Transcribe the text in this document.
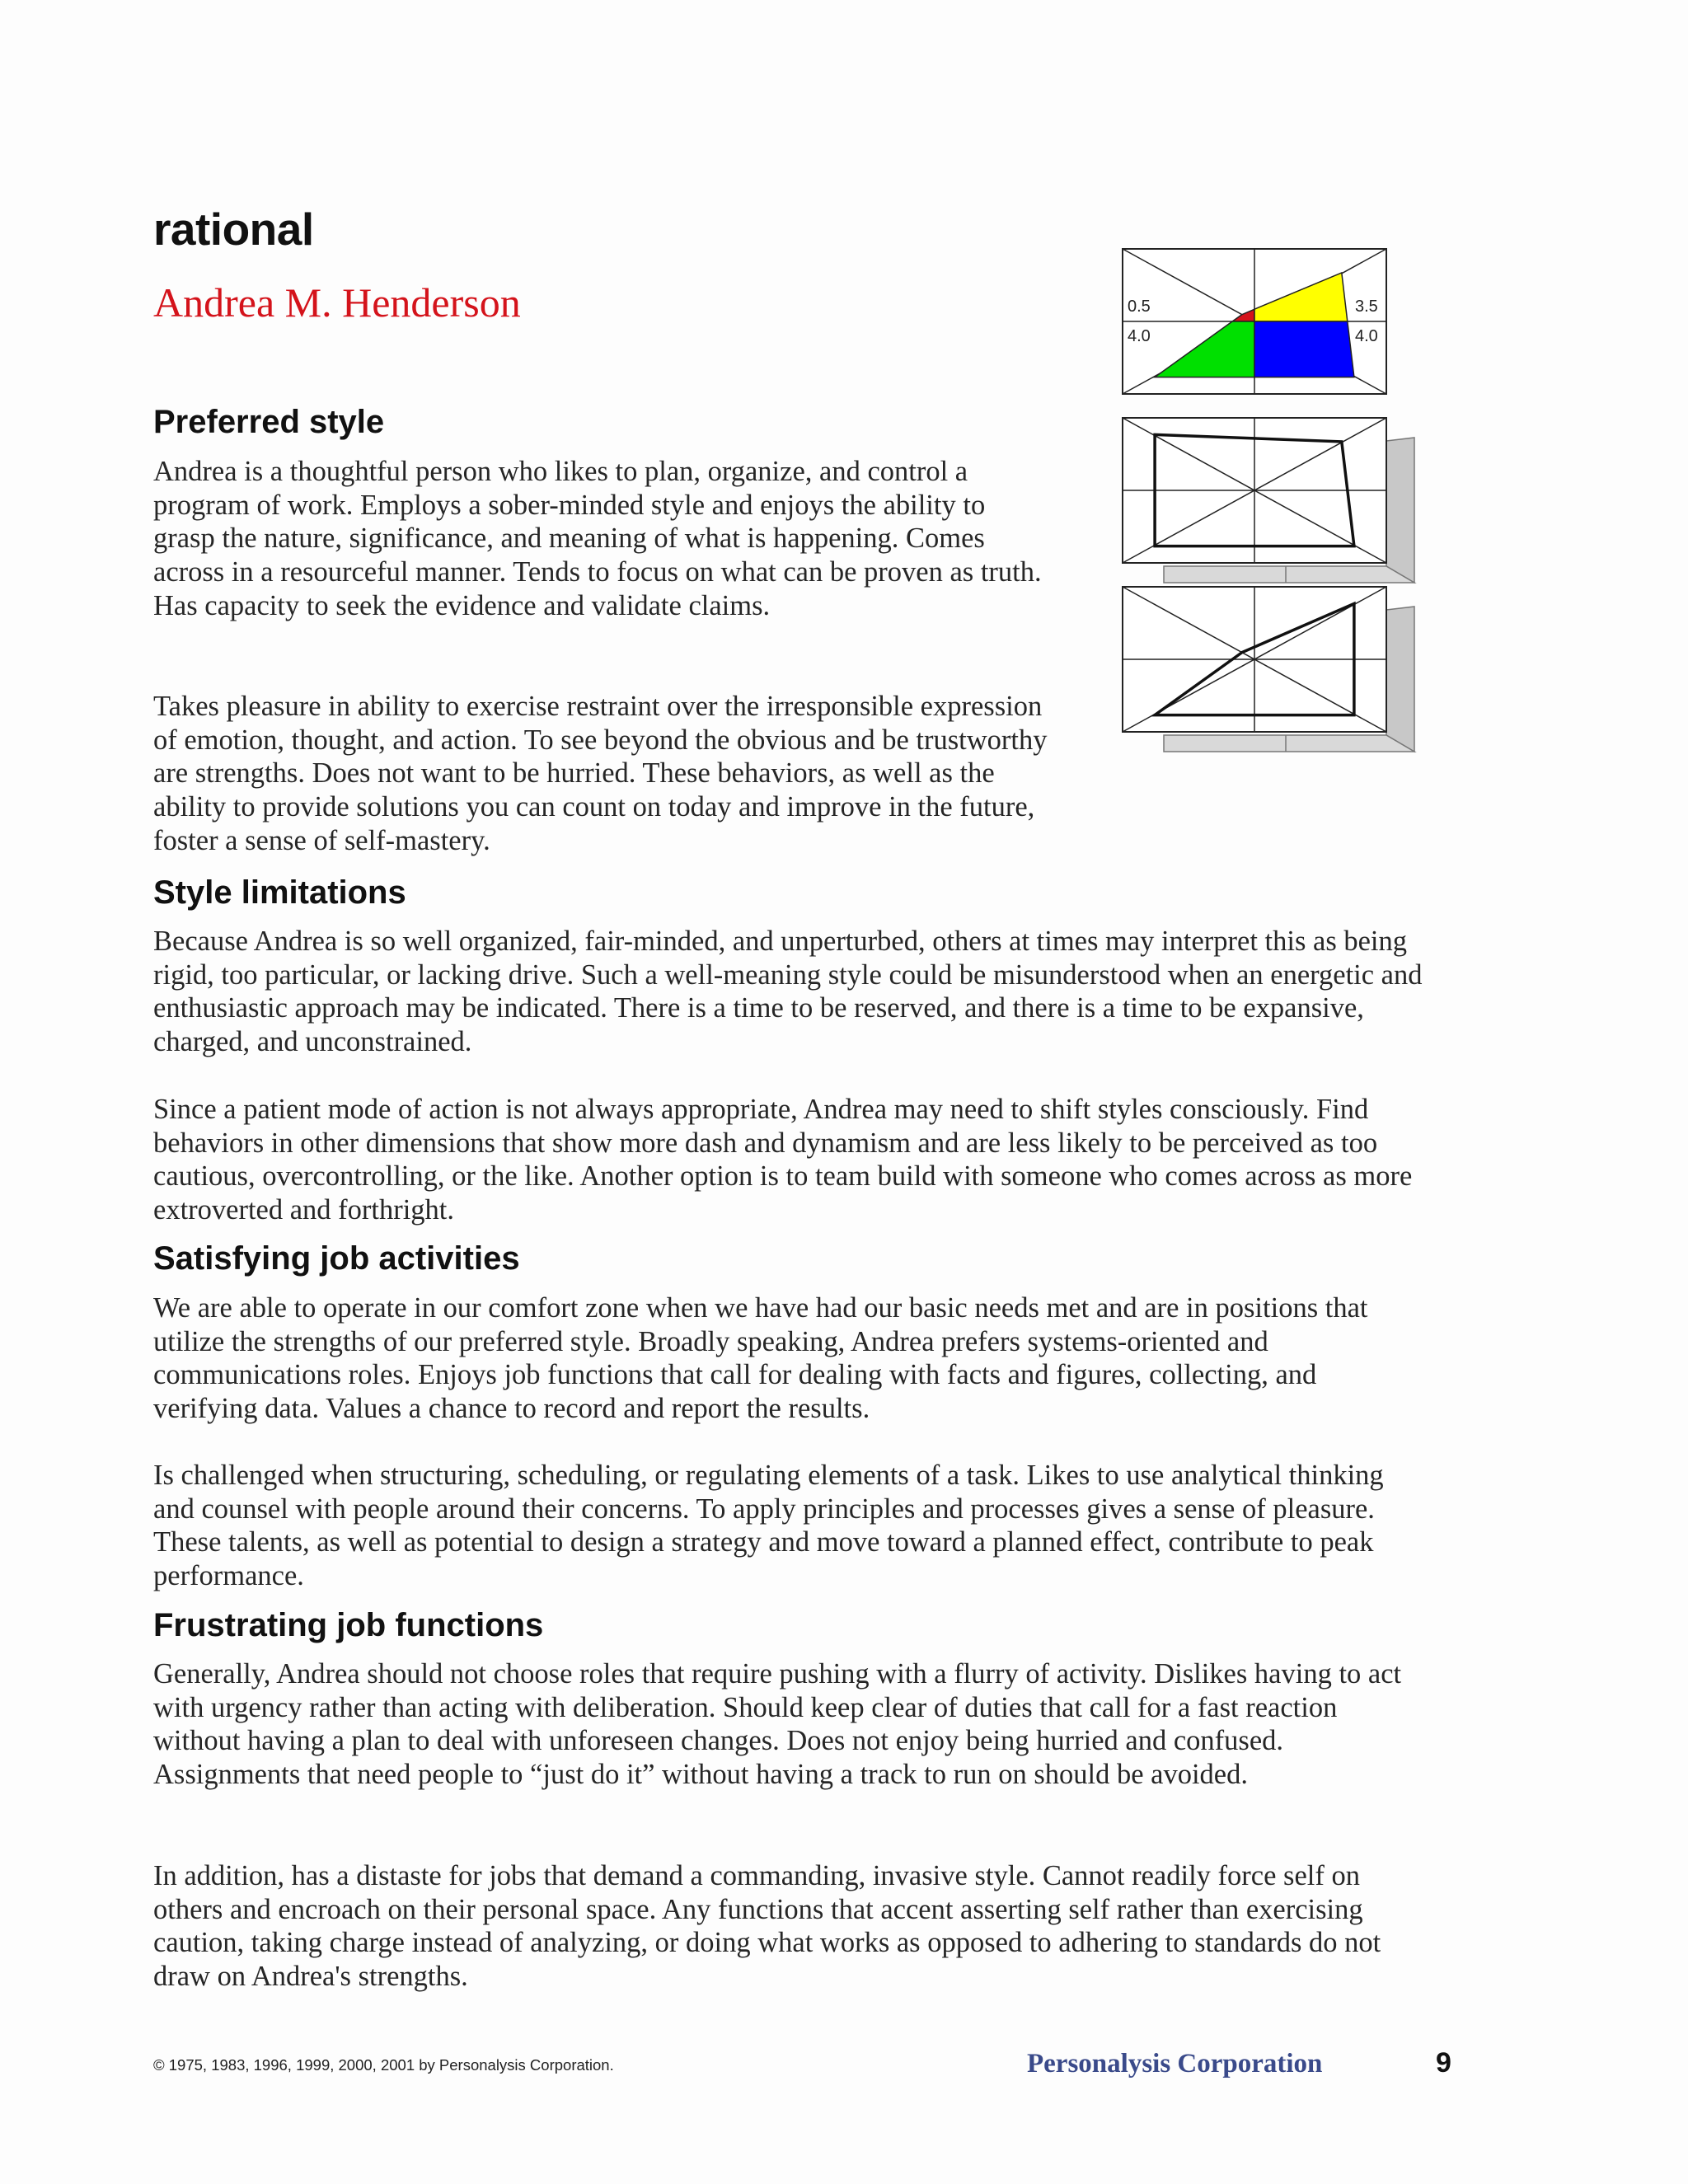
rational
Andrea M. Henderson	0.5
4.0
3.5
4.0
Preferred style

Andrea is a thoughtful person who likes to plan, organize, and control a program of work. Employs a sober-minded style and enjoys the ability to grasp the nature, significance, and meaning of what is happening. Comes across in a resourceful manner. Tends to focus on what can be proven as truth. Has capacity to seek the evidence and validate claims.

Takes pleasure in ability to exercise restraint over the irresponsible expression of emotion, thought, and action. To see beyond the obvious and be trustworthy are strengths. Does not want to be hurried. These behaviors, as well as the ability to provide solutions you can count on today and improve in the future, foster a sense of self-mastery.

Style limitations

Because Andrea is so well organized, fair-minded, and unperturbed, others at times may interpret this as being rigid, too particular, or lacking drive. Such a well-meaning style could be misunderstood when an energetic and enthusiastic approach may be indicated. There is a time to be reserved, and there is a time to be expansive, charged, and unconstrained.

Since a patient mode of action is not always appropriate, Andrea may need to shift styles consciously. Find behaviors in other dimensions that show more dash and dynamism and are less likely to be perceived as too cautious, overcontrolling, or the like. Another option is to team build with someone who comes across as more extroverted and forthright.

Satisfying job activities

We are able to operate in our comfort zone when we have had our basic needs met and are in positions that utilize the strengths of our preferred style. Broadly speaking, Andrea prefers systems-oriented and communications roles. Enjoys job functions that call for dealing with facts and figures, collecting, and verifying data. Values a chance to record and report the results.

Is challenged when structuring, scheduling, or regulating elements of a task. Likes to use analytical thinking and counsel with people around their concerns. To apply principles and processes gives a sense of pleasure. These talents, as well as potential to design a strategy and move toward a planned effect, contribute to peak performance.

Frustrating job functions

Generally, Andrea should not choose roles that require pushing with a flurry of activity. Dislikes having to act with urgency rather than acting with deliberation. Should keep clear of duties that call for a fast reaction without having a plan to deal with unforeseen changes. Does not enjoy being hurried and confused. Assignments that need people to “just do it” without having a track to run on should be avoided.

In addition, has a distaste for jobs that demand a commanding, invasive style. Cannot readily force self on others and encroach on their personal space. Any functions that accent asserting self rather than exercising caution, taking charge instead of analyzing, or doing what works as opposed to adhering to standards do not draw on Andrea's strengths.

© 1975, 1983, 1996, 1999, 2000, 2001 by Personalysis Corporation.	Personalysis Corporation	9
